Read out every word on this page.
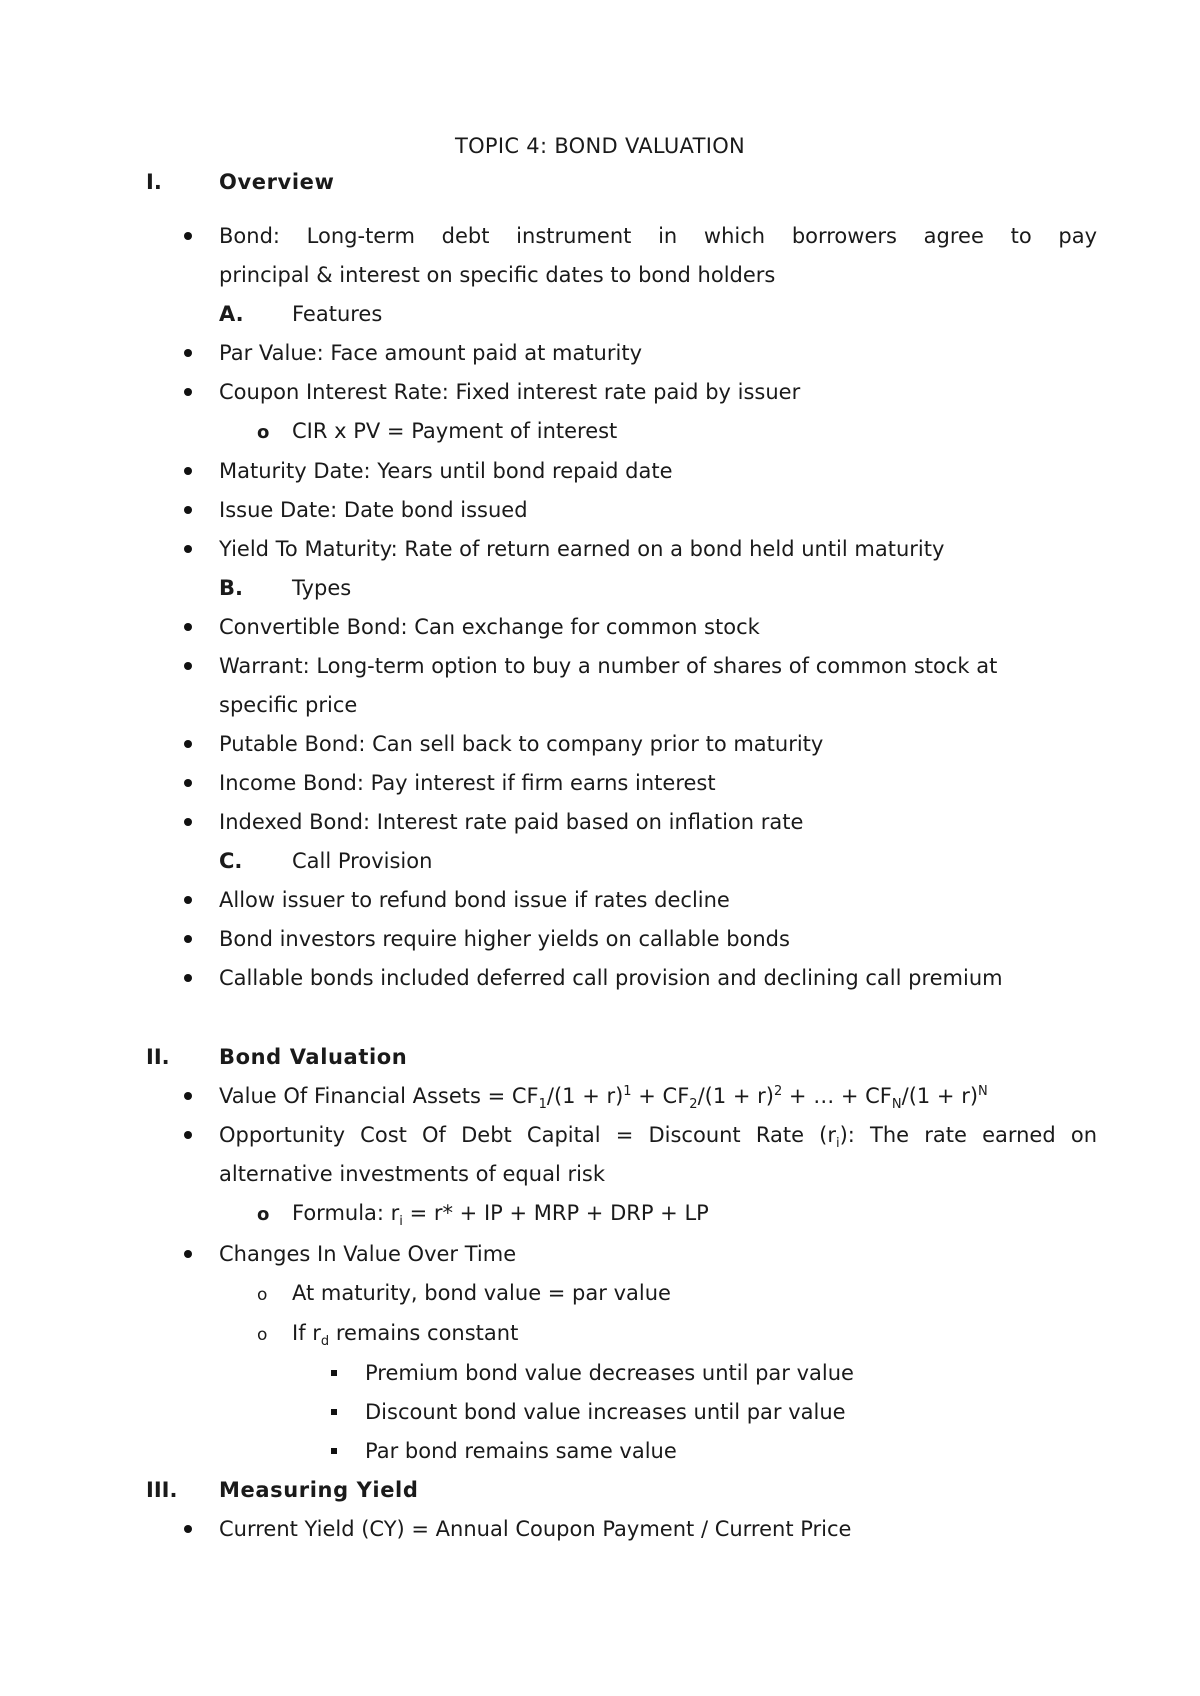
TOPIC 4: BOND VALUATION
I.	Overview
Bond: Long-term debt instrument in which borrowers agree to pay
principal & interest on specific dates to bond holders
A. Features
Par Value: Face amount paid at maturity
Coupon Interest Rate: Fixed interest rate paid by issuer
o CIR x PV = Payment of interest
Maturity Date: Years until bond repaid date
Issue Date: Date bond issued
Yield To Maturity: Rate of return earned on a bond held until maturity
B. Types
Convertible Bond: Can exchange for common stock
Warrant: Long-term option to buy a number of shares of common stock at
specific price
Putable Bond: Can sell back to company prior to maturity
Income Bond: Pay interest if firm earns interest
Indexed Bond: Interest rate paid based on inflation rate
C. Call Provision
Allow issuer to refund bond issue if rates decline
Bond investors require higher yields on callable bonds
Callable bonds included deferred call provision and declining call premium
II. Bond Valuation
Value Of Financial Assets = $CF_1/(1 + r)^1 + CF_2/(1 + r)^2$ + … + $CF_N/(1 + r)^N$
Opportunity Cost Of Debt Capital = Discount Rate $(r_i)$: The rate earned on
alternative investments of equal risk
o Formula: $r_i = r*$ + IP + MRP + DRP + LP
Changes In Value Over Time
o At maturity, bond value = par value
o If $r_d$ remains constant
Premium bond value decreases until par value
Discount bond value increases until par value
Par bond remains same value
III. Measuring Yield
Current Yield (CY) = Annual Coupon Payment / Current Price
